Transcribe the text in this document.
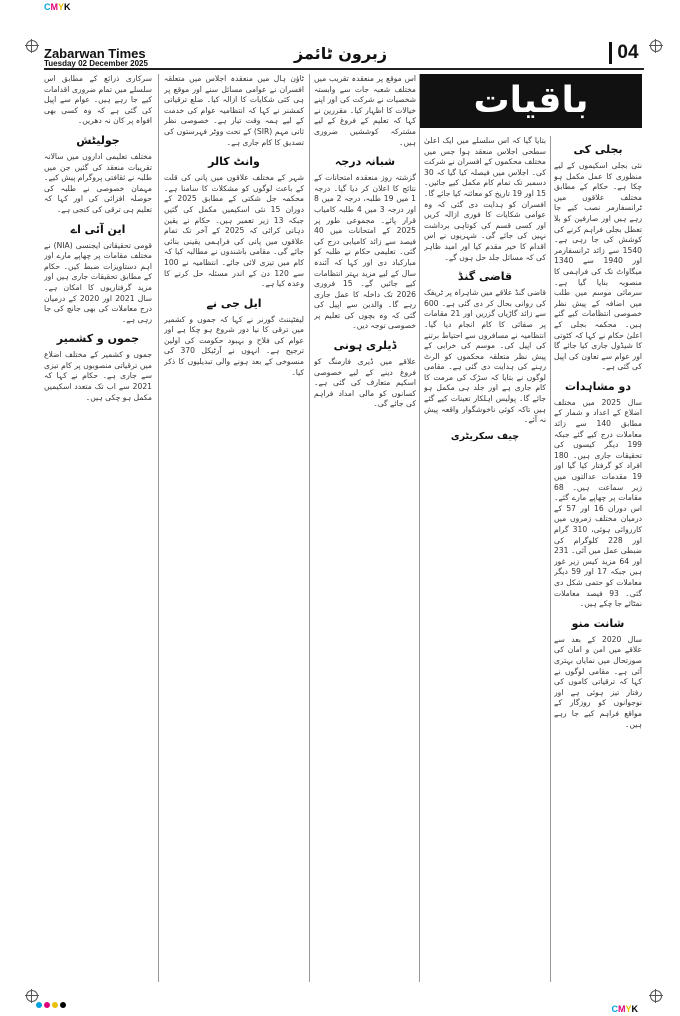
CMYK
CMYK
Zabarwan Times
Tuesday 02 December 2025
زبرون ٹائمز	04
بجلی کی

نئی بجلی اسکیموں کے لیے منظوری کا عمل مکمل ہو چکا ہے۔ حکام کے مطابق مختلف علاقوں میں ٹرانسفارمر نصب کیے جا رہے ہیں اور صارفین کو بلا تعطل بجلی فراہم کرنے کی کوشش کی جا رہی ہے۔ 1540 سے زائد ٹرانسفارمر اور 1940 سے 1340 میگاواٹ تک کی فراہمی کا منصوبہ بنایا گیا ہے۔ سرمائی موسم میں طلب میں اضافہ کے پیش نظر خصوصی انتظامات کیے گئے ہیں۔ محکمہ بجلی کے اعلیٰ حکام نے کہا کہ کٹوتی کا شیڈول جاری کیا جائے گا اور عوام سے تعاون کی اپیل کی گئی ہے۔

دو مشاہدات

سال 2025 میں مختلف اضلاع کے اعداد و شمار کے مطابق 140 سے زائد معاملات درج کیے گئے جبکہ 199 دیگر کیسوں کی تحقیقات جاری ہیں۔ 180 افراد کو گرفتار کیا گیا اور 19 مقدمات عدالتوں میں زیر سماعت ہیں۔ 68 مقامات پر چھاپے مارے گئے۔ اس دوران 16 اور 57 کے درمیان مختلف زمروں میں کارروائی ہوئی، 310 گرام اور 228 کلوگرام کی ضبطی عمل میں آئی۔ 231 اور 64 مزید کیس زیر غور ہیں جبکہ 17 اور 59 دیگر معاملات کو حتمی شکل دی گئی۔ 93 فیصد معاملات نمٹائے جا چکے ہیں۔

شانت منو

سال 2020 کے بعد سے علاقے میں امن و امان کی صورتحال میں نمایاں بہتری آئی ہے۔ مقامی لوگوں نے کہا کہ ترقیاتی کاموں کی رفتار تیز ہوئی ہے اور نوجوانوں کو روزگار کے مواقع فراہم کیے جا رہے ہیں۔

باقیات

بتایا گیا کہ اس سلسلے میں ایک اعلیٰ سطحی اجلاس منعقد ہوا جس میں مختلف محکموں کے افسران نے شرکت کی۔ اجلاس میں فیصلہ کیا گیا کہ 30 دسمبر تک تمام کام مکمل کیے جائیں۔ 15 اور 19 تاریخ کو معائنہ کیا جائے گا۔ افسران کو ہدایت دی گئی کہ وہ عوامی شکایات کا فوری ازالہ کریں اور کسی قسم کی کوتاہی برداشت نہیں کی جائے گی۔ شہریوں نے اس اقدام کا خیر مقدم کیا اور امید ظاہر کی کہ مسائل جلد حل ہوں گے۔

قاضی گنڈ

قاضی گنڈ علاقے میں شاہراہ پر ٹریفک کی روانی بحال کر دی گئی ہے۔ 600 سے زائد گاڑیاں گزریں اور 21 مقامات پر صفائی کا کام انجام دیا گیا۔ انتظامیہ نے مسافروں سے احتیاط برتنے کی اپیل کی۔ موسم کی خرابی کے پیش نظر متعلقہ محکموں کو الرٹ رہنے کی ہدایت دی گئی ہے۔ مقامی لوگوں نے بتایا کہ سڑک کی مرمت کا کام جاری ہے اور جلد ہی مکمل ہو جائے گا۔ پولیس اہلکار تعینات کیے گئے ہیں تاکہ کوئی ناخوشگوار واقعہ پیش نہ آئے۔

چیف سکریٹری

اس موقع پر منعقدہ تقریب میں مختلف شعبہ جات سے وابستہ شخصیات نے شرکت کی اور اپنے خیالات کا اظہار کیا۔ مقررین نے کہا کہ تعلیم کے فروغ کے لیے مشترکہ کوششیں ضروری ہیں۔

شبانہ درجہ

گزشتہ روز منعقدہ امتحانات کے نتائج کا اعلان کر دیا گیا۔ درجہ 1 میں 19 طلبہ، درجہ 2 میں 8 اور درجہ 3 میں 4 طلبہ کامیاب قرار پائے۔ مجموعی طور پر 2025 کے امتحانات میں 40 فیصد سے زائد کامیابی درج کی گئی۔ تعلیمی حکام نے طلبہ کو مبارکباد دی اور کہا کہ آئندہ سال کے لیے مزید بہتر انتظامات کیے جائیں گے۔ 15 فروری 2026 تک داخلہ کا عمل جاری رہے گا۔ والدین سے اپیل کی گئی کہ وہ بچوں کی تعلیم پر خصوصی توجہ دیں۔

ڈیلری ہونی

علاقے میں ڈیری فارمنگ کو فروغ دینے کے لیے خصوصی اسکیم متعارف کی گئی ہے۔ کسانوں کو مالی امداد فراہم کی جائے گی۔

ٹاؤن ہال میں منعقدہ اجلاس میں متعلقہ افسران نے عوامی مسائل سنے اور موقع پر ہی کئی شکایات کا ازالہ کیا۔ ضلع ترقیاتی کمشنر نے کہا کہ انتظامیہ عوام کی خدمت کے لیے ہمہ وقت تیار ہے۔ خصوصی نظر ثانی مہم (SIR) کے تحت ووٹر فہرستوں کی تصدیق کا کام جاری ہے۔

وانٹ کالر

شہر کے مختلف علاقوں میں پانی کی قلت کے باعث لوگوں کو مشکلات کا سامنا ہے۔ محکمہ جل شکتی کے مطابق 2025 کے دوران 15 نئی اسکیمیں مکمل کی گئیں جبکہ 13 زیر تعمیر ہیں۔ حکام نے یقین دہانی کرائی کہ 2025 کے آخر تک تمام علاقوں میں پانی کی فراہمی یقینی بنائی جائے گی۔ مقامی باشندوں نے مطالبہ کیا کہ کام میں تیزی لائی جائے۔ انتظامیہ نے 100 سے 120 دن کے اندر مسئلہ حل کرنے کا وعدہ کیا ہے۔

ایل جی نے

لیفٹیننٹ گورنر نے کہا کہ جموں و کشمیر میں ترقی کا نیا دور شروع ہو چکا ہے اور عوام کی فلاح و بہبود حکومت کی اولین ترجیح ہے۔ انہوں نے آرٹیکل 370 کی منسوخی کے بعد ہونے والی تبدیلیوں کا ذکر کیا۔

سرکاری ذرائع کے مطابق اس سلسلے میں تمام ضروری اقدامات کیے جا رہے ہیں۔ عوام سے اپیل کی گئی ہے کہ وہ کسی بھی افواہ پر کان نہ دھریں۔

جولیٹش

مختلف تعلیمی اداروں میں سالانہ تقریبات منعقد کی گئیں جن میں طلبہ نے ثقافتی پروگرام پیش کیے۔ مہمان خصوصی نے طلبہ کی حوصلہ افزائی کی اور کہا کہ تعلیم ہی ترقی کی کنجی ہے۔

این آئی اے

قومی تحقیقاتی ایجنسی (NIA) نے مختلف مقامات پر چھاپے مارے اور اہم دستاویزات ضبط کیں۔ حکام کے مطابق تحقیقات جاری ہیں اور مزید گرفتاریوں کا امکان ہے۔ سال 2021 اور 2020 کے درمیان درج معاملات کی بھی جانچ کی جا رہی ہے۔

جموں و کشمیر

جموں و کشمیر کے مختلف اضلاع میں ترقیاتی منصوبوں پر کام تیزی سے جاری ہے۔ حکام نے کہا کہ 2021 سے اب تک متعدد اسکیمیں مکمل ہو چکی ہیں۔
